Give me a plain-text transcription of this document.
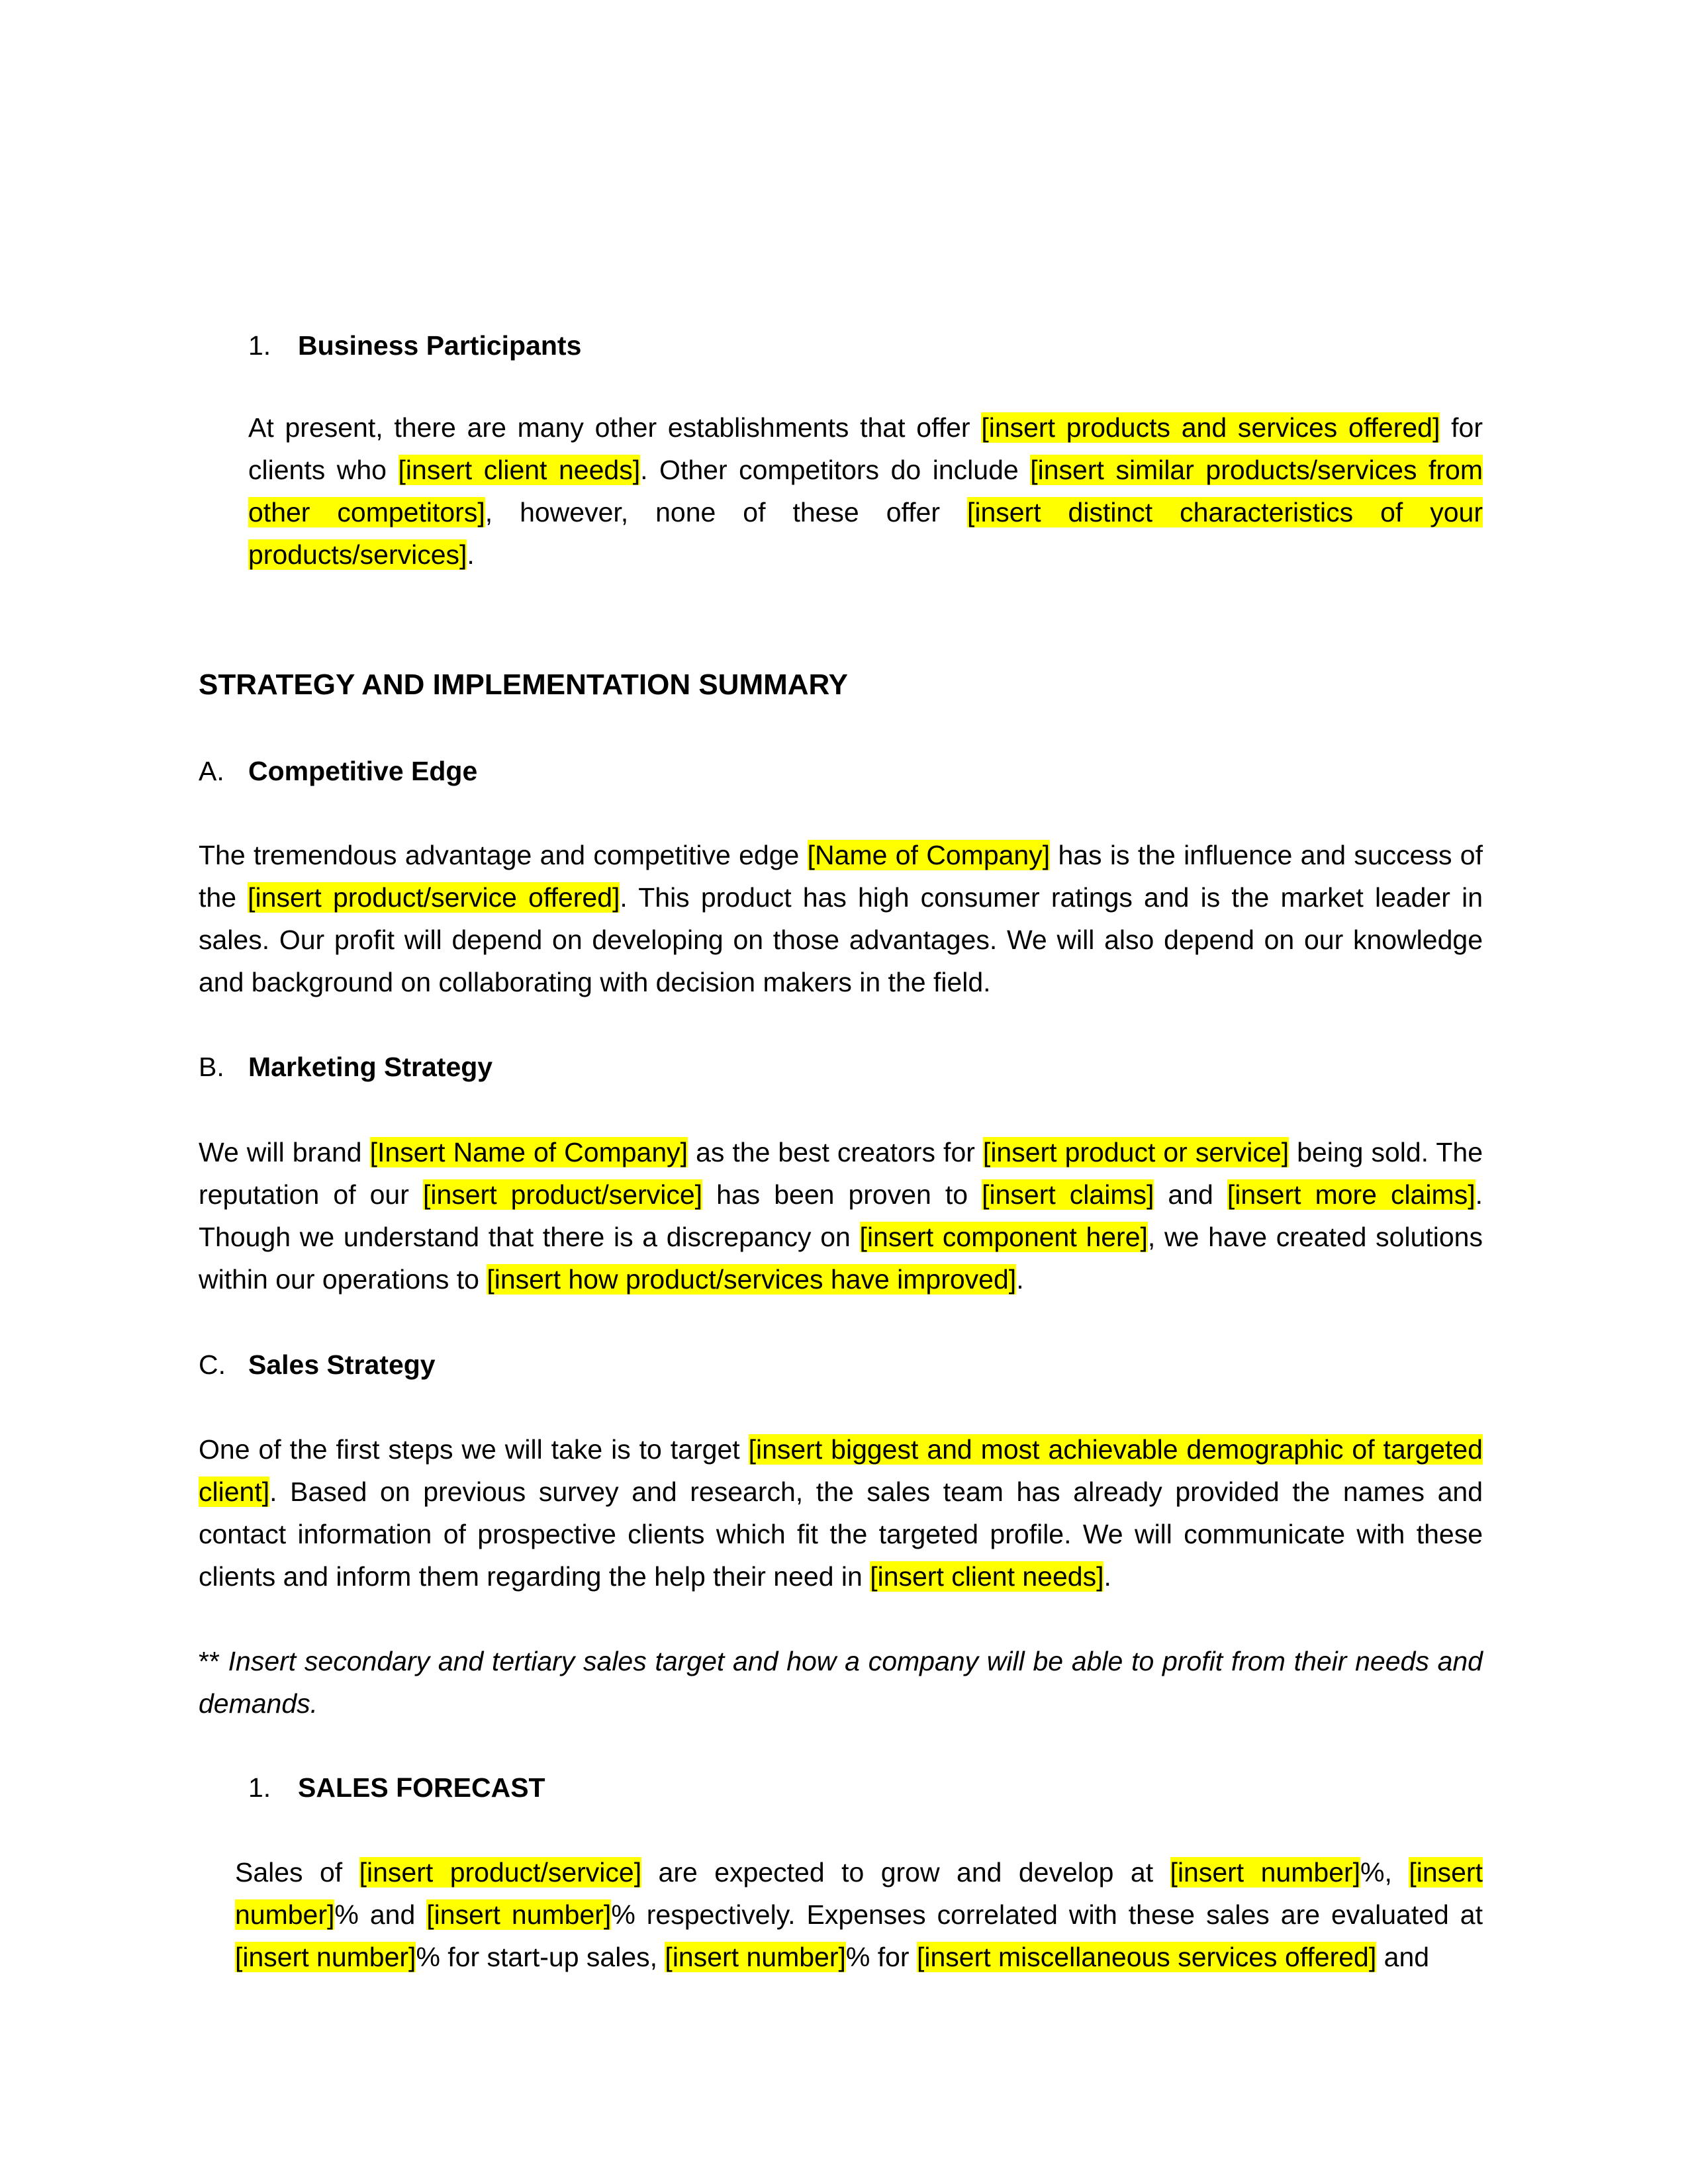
1. Business Participants

At present, there are many other establishments that offer [insert products and services offered] for clients who [insert client needs]. Other competitors do include [insert similar products/services from other competitors], however, none of these offer [insert distinct characteristics of your products/services].

STRATEGY AND IMPLEMENTATION SUMMARY
A. Competitive Edge

The tremendous advantage and competitive edge [Name of Company] has is the influence and success of the [insert product/service offered]. This product has high consumer ratings and is the market leader in sales. Our profit will depend on developing on those advantages. We will also depend on our knowledge and background on collaborating with decision makers in the field.

B. Marketing Strategy

We will brand [Insert Name of Company] as the best creators for [insert product or service] being sold. The reputation of our [insert product/service] has been proven to [insert claims] and [insert more claims]. Though we understand that there is a discrepancy on [insert component here], we have created solutions within our operations to [insert how product/services have improved].

C. Sales Strategy

One of the first steps we will take is to target [insert biggest and most achievable demographic of targeted client]. Based on previous survey and research, the sales team has already provided the names and contact information of prospective clients which fit the targeted profile. We will communicate with these clients and inform them regarding the help their need in [insert client needs].

** Insert secondary and tertiary sales target and how a company will be able to profit from their needs and demands.

1. SALES FORECAST

Sales of [insert product/service] are expected to grow and develop at [insert number]%, [insert number]% and [insert number]% respectively. Expenses correlated with these sales are evaluated at [insert number]% for start-up sales, [insert number]% for [insert miscellaneous services offered] and
